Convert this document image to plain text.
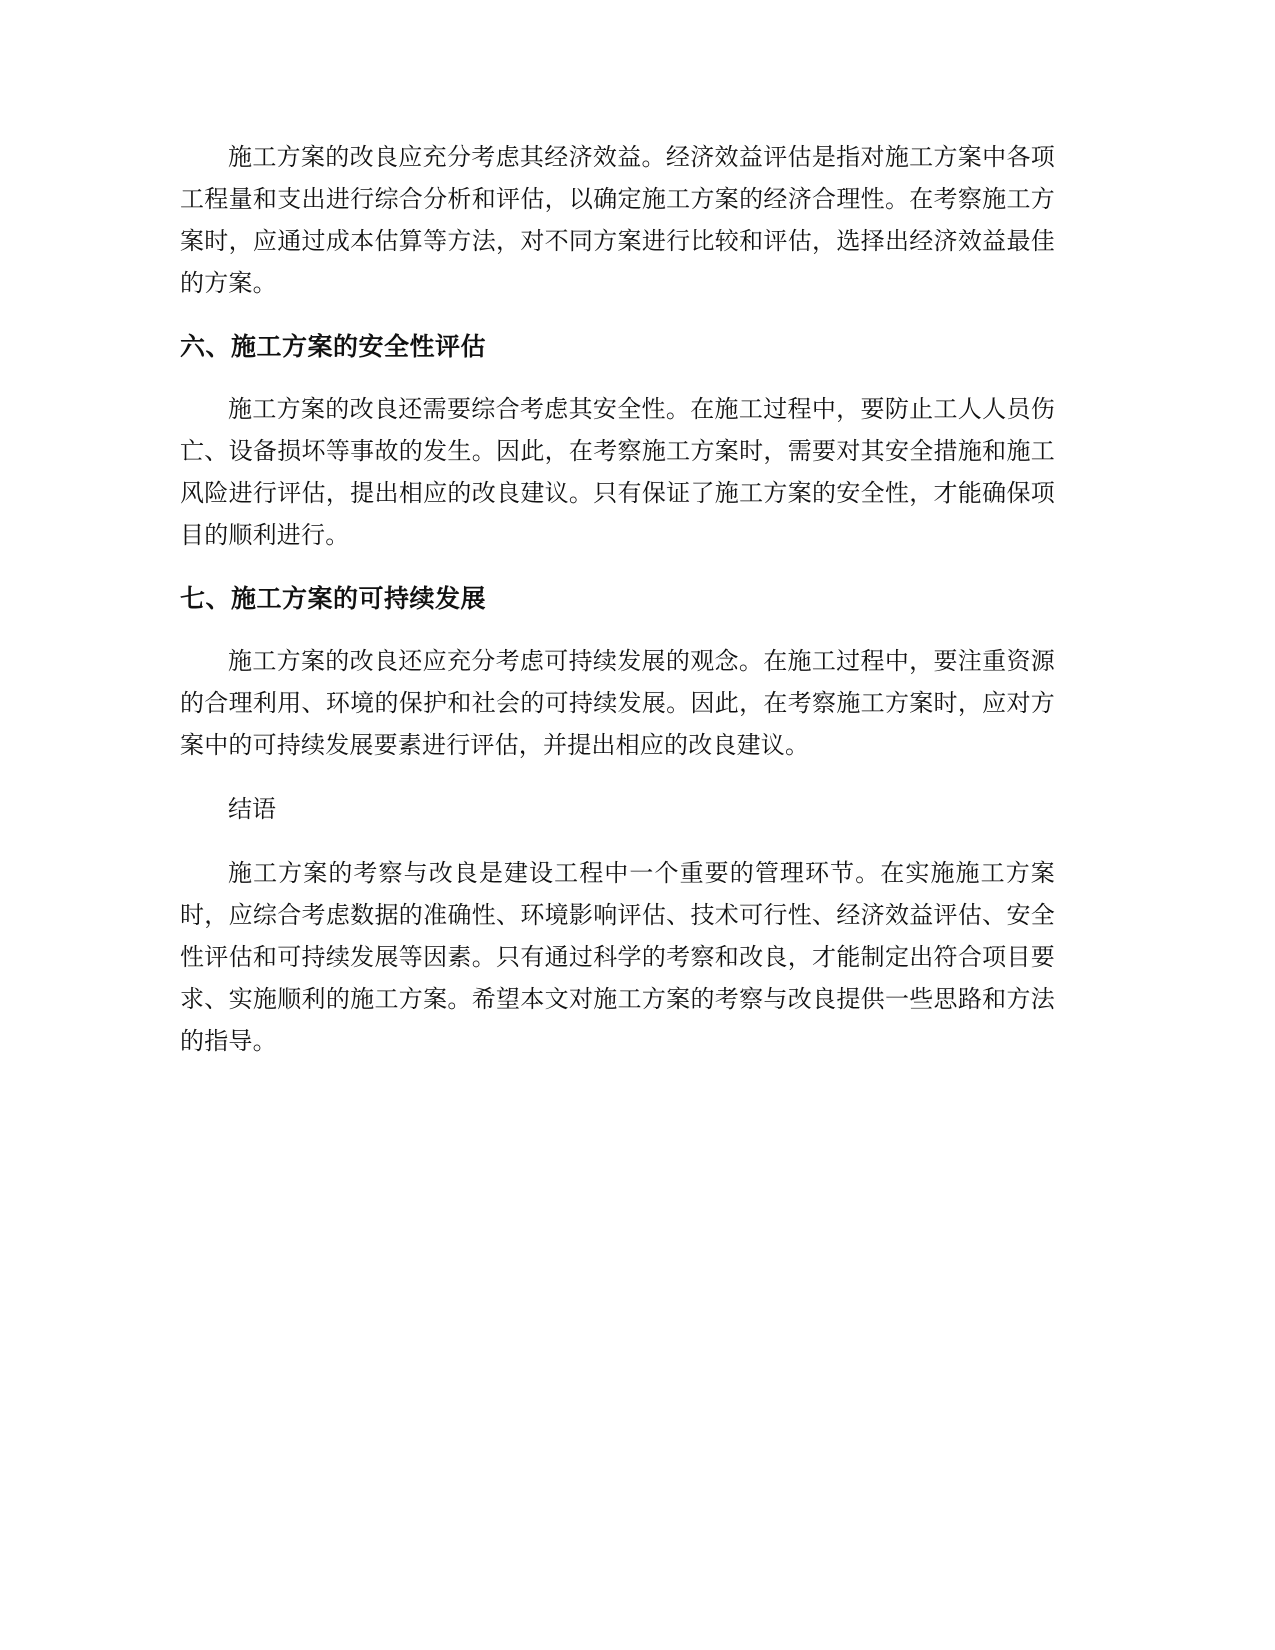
施工方案的改良应充分考虑其经济效益。经济效益评估是指对施工方案中各项工程量和支出进行综合分析和评估，以确定施工方案的经济合理性。在考察施工方案时，应通过成本估算等方法，对不同方案进行比较和评估，选择出经济效益最佳的方案。

六、施工方案的安全性评估

施工方案的改良还需要综合考虑其安全性。在施工过程中，要防止工人人员伤亡、设备损坏等事故的发生。因此，在考察施工方案时，需要对其安全措施和施工风险进行评估，提出相应的改良建议。只有保证了施工方案的安全性，才能确保项目的顺利进行。

七、施工方案的可持续发展

施工方案的改良还应充分考虑可持续发展的观念。在施工过程中，要注重资源的合理利用、环境的保护和社会的可持续发展。因此，在考察施工方案时，应对方案中的可持续发展要素进行评估，并提出相应的改良建议。

结语

施工方案的考察与改良是建设工程中一个重要的管理环节。在实施施工方案时，应综合考虑数据的准确性、环境影响评估、技术可行性、经济效益评估、安全性评估和可持续发展等因素。只有通过科学的考察和改良，才能制定出符合项目要求、实施顺利的施工方案。希望本文对施工方案的考察与改良提供一些思路和方法的指导。
